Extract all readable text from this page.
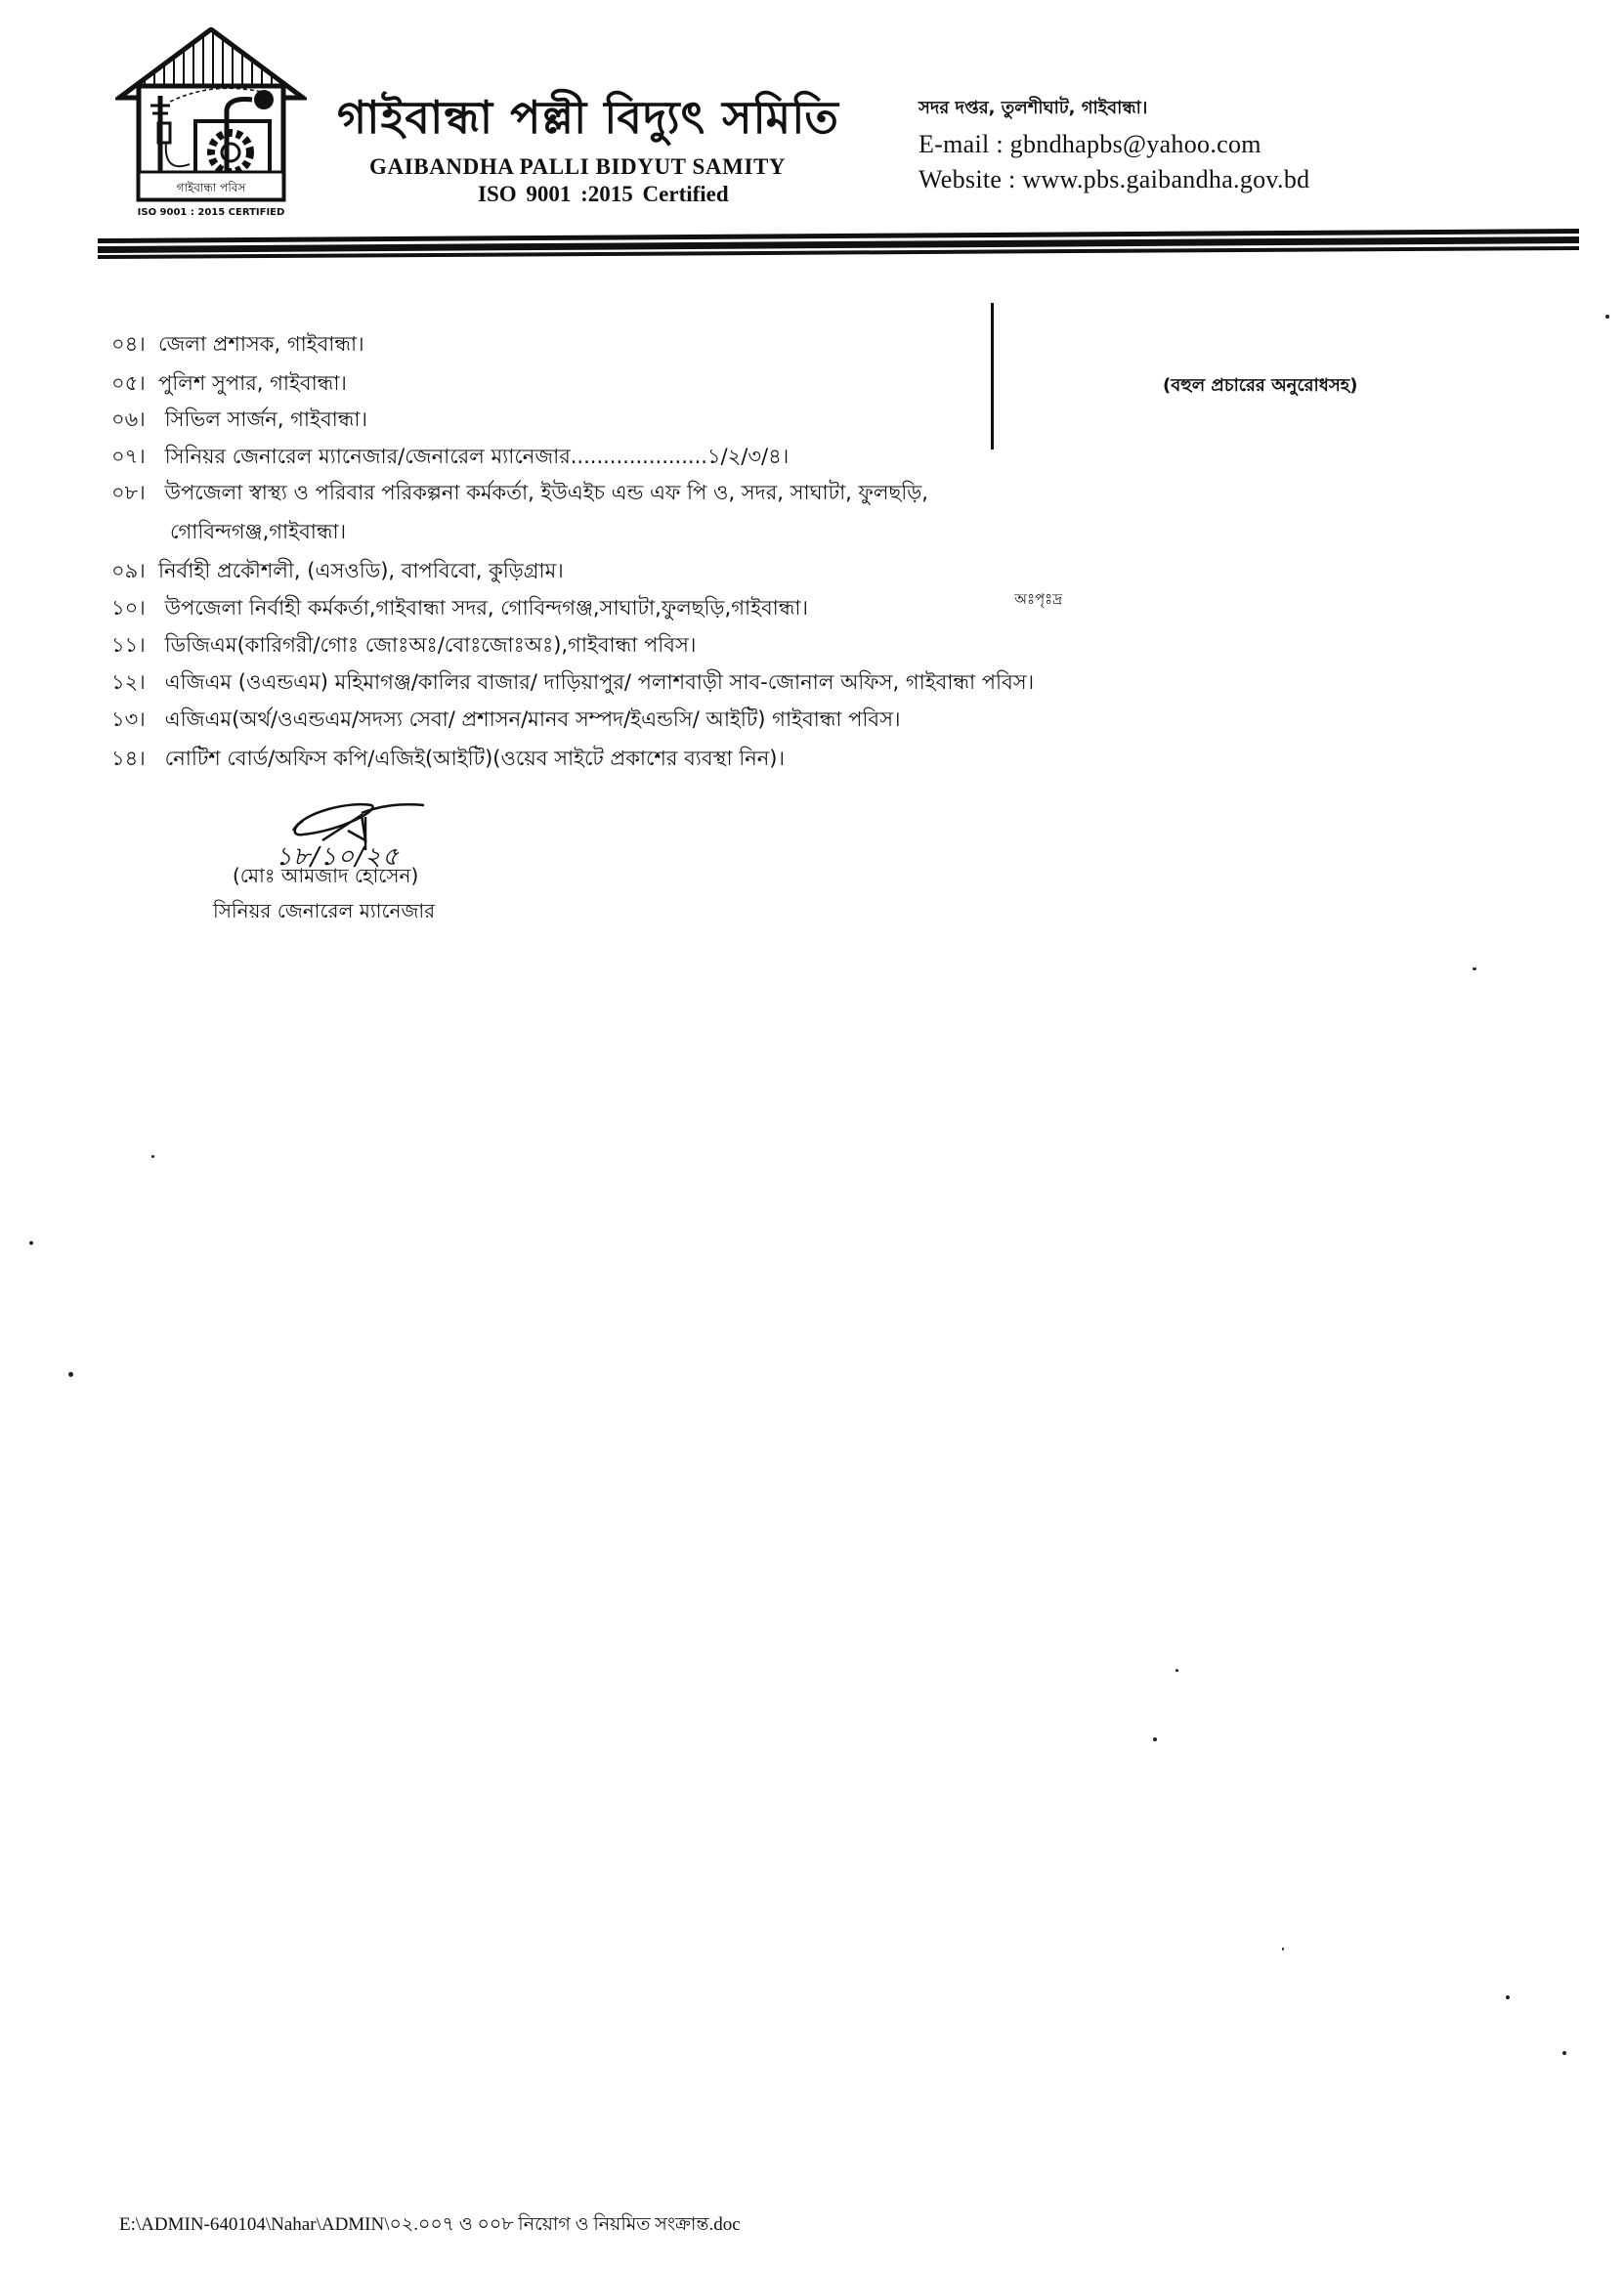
গাইবান্ধা পবিস
ISO 9001 : 2015 CERTIFIED
গাইবান্ধা পল্লী বিদ্যুৎ সমিতি
GAIBANDHA PALLI BIDYUT SAMITY
ISO 9001 :2015 Certified
সদর দপ্তর, তুলশীঘাট, গাইবান্ধা।
E-mail : gbndhapbs@yahoo.com
Website : www.pbs.gaibandha.gov.bd
০৪। জেলা প্রশাসক, গাইবান্ধা।
০৫। পুলিশ সুপার, গাইবান্ধা।
০৬। সিভিল সার্জন, গাইবান্ধা।
০৭। সিনিয়র জেনারেল ম্যানেজার/জেনারেল ম্যানেজার.....................১/২/৩/৪।
০৮। উপজেলা স্বাস্থ্য ও পরিবার পরিকল্পনা কর্মকর্তা, ইউএইচ এন্ড এফ পি ও, সদর, সাঘাটা, ফুলছড়ি,
গোবিন্দগঞ্জ,গাইবান্ধা।
০৯। নির্বাহী প্রকৌশলী, (এসওডি), বাপবিবো, কুড়িগ্রাম।
১০। উপজেলা নির্বাহী কর্মকর্তা,গাইবান্ধা সদর, গোবিন্দগঞ্জ,সাঘাটা,ফুলছড়ি,গাইবান্ধা।	অঃপৃঃদ্র
১১। ডিজিএম(কারিগরী/গোঃ জোঃঅঃ/বোঃজোঃঅঃ),গাইবান্ধা পবিস।
১২। এজিএম (ওএন্ডএম) মহিমাগঞ্জ/কালির বাজার/ দাড়িয়াপুর/ পলাশবাড়ী সাব-জোনাল অফিস, গাইবান্ধা পবিস।
১৩। এজিএম(অর্থ/ওএন্ডএম/সদস্য সেবা/ প্রশাসন/মানব সম্পদ/ইএন্ডসি/ আইটি) গাইবান্ধা পবিস।
১৪। নোটিশ বোর্ড/অফিস কপি/এজিই(আইটি)(ওয়েব সাইটে প্রকাশের ব্যবস্থা নিন)।
(বহুল প্রচারের অনুরোধসহ)
১৮/১০/২৫
(মোঃ আমজাদ হোসেন)
সিনিয়র জেনারেল ম্যানেজার
E:\ADMIN-640104\Nahar\ADMIN\০২.০০৭ ও ০০৮ নিয়োগ ও নিয়মিত সংক্রান্ত.doc
